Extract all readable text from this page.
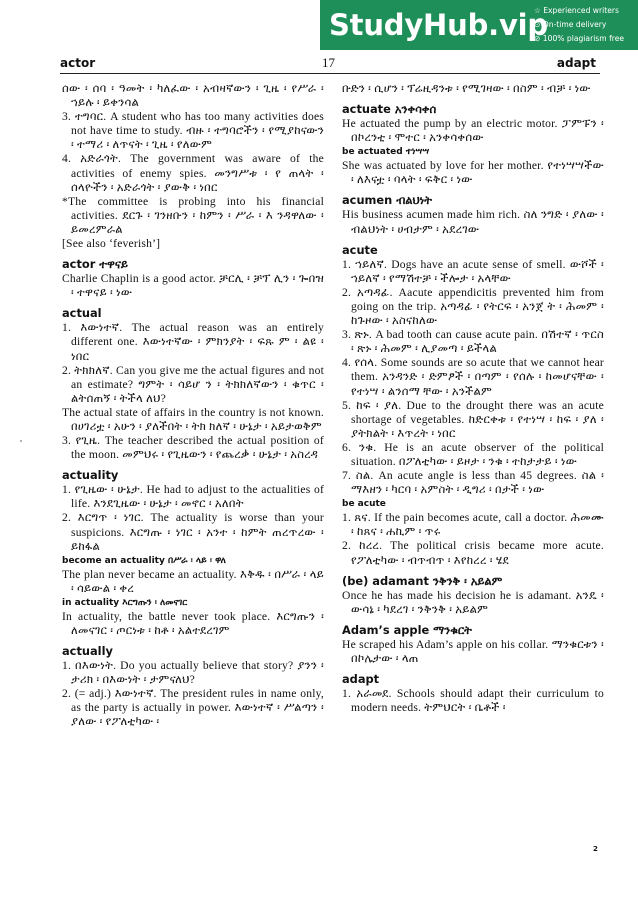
StudyHub.vip
☆ Experienced writers
⊙ On-time delivery
⊘ 100% plagiarism free
actor	17	adapt

ሰው ፡ ሰባ ፡ ዓመት ፡ ካለፈው ፡ አብዛኛውን ፡ ጊዜ ፡ የሥራ ፡ ኀይሉ ፡ ይቀንሳል

3. ተግባር. A student who has too many activities does not have time to study. ብዙ ፡ ተግባሮችን ፡ የሚያከናውን ፡ ተማሪ ፡ ለጥናት ፡ ጊዜ ፡ የለውም

4. አድራጎት. The government was aware of the activities of enemy spies. መንግሥቱ ፡ የ ጠላት ፡ ሰላዮችን ፡ አድራጎት ፡ ያውቅ ፡ ነበር

*The committee is probing into his financial activities. ደርጉ ፡ ገንዘቡን ፡ ከምን ፡ ሥራ ፡ እ ንዳዋለው ፡ ይመረምራል

[See also ‘feverish’]

actor ተዋናይ

Charlie Chaplin is a good actor. ቻርሊ ፡ ቻፕ ሊን ፡ ጐበዝ ፡ ተዋናይ ፡ ነው

actual

1. እውነተኛ. The actual reason was an entirely different one. እውነተኛው ፡ ምክንያት ፡ ፍጹ ም ፡ ልዩ ፡ ነበር

2. ትክክለኛ. Can you give me the actual figures and not an estimate? ግምት ፡ ሳይሆ ን ፡ ትክክለኛውን ፡ ቁጥር ፡ ልትሰጠኝ ፡ ትችላ ለህ?

The actual state of affairs in the country is not known. በሀገሪቷ ፡ አሁን ፡ ያለችበት ፡ ትክ ክለኛ ፡ ሁኔታ ፡ አይታወቅም

3. የጊዜ. The teacher described the actual position of the moon. መምህሩ ፡ የጊዜውን ፡ የጨረቃ ፡ ሁኔታ ፡ አስረዳ

actuality

1. የጊዜው ፡ ሁኔታ. He had to adjust to the actualities of life. እንደጊዜው ፡ ሁኔታ ፡ መኖር ፡ አለበት

2. እርግጥ ፡ ነገር. The actuality is worse than your suspicions. እርግጡ ፡ ነገር ፡ አንተ ፡ ከምት ጠረጥረው ፡ ይከፋል

become an actuality በሥራ ፡ ላይ ፡ ዋለ

The plan never became an actuality. እቅዱ ፡ በሥራ ፡ ላይ ፡ ሳይውል ፡ ቀረ

in actuality እርግጡን ፡ ለመናገር

In actuality, the battle never took place. እርግጡን ፡ ለመናገር ፡ ጦርነቱ ፡ ከቶ ፡ አልተደረገም

actually

1. በእውነት. Do you actually believe that story? ያንን ፡ ታሪክ ፡ በእውነት ፡ ታምናለህ?

2. (= adj.) እውነተኛ. The president rules in name only, as the party is actually in power. እውነተኛ ፡ ሥልጣን ፡ ያለው ፡ የፖለቲካው ፡

ቡድን ፡ ሲሆን ፡ ፕሬዚዳንቱ ፡ የሚገዛው ፡ በስም ፡ ብቻ ፡ ነው

actuate አንቀሳቀሰ

He actuated the pump by an electric motor. ፓምፑን ፡ በኮረንቲ ፡ ሞተር ፡ አንቀሳቀሰው

be actuated ተነሣሣ

She was actuated by love for her mother. የተነሣሣችው ፡ ለእናቷ ፡ ባላት ፡ ፍቅር ፡ ነው

acumen ብልህነት

His business acumen made him rich. ስለ ንግድ ፡ ያለው ፡ ብልህነት ፡ ሀብታም ፡ አደረገው

acute

1. ኀይለኛ. Dogs have an acute sense of smell. ውሾች ፡ ኀይለኛ ፡ የማሽተቻ ፡ ችሎታ ፡ አላቸው

2. አጣዳፊ. Aacute appendicitis prevented him from going on the trip. አጣዳፊ ፡ የትርፍ ፡ አንጀ ት ፡ ሕመም ፡ ከጉዞው ፡ አስናከለው

3. ጽኑ. A bad tooth can cause acute pain. በሽተኛ ፡ ጥርስ ፡ ጽኑ ፡ ሕመም ፡ ሊያመጣ ፡ ይችላል

4. የሰላ. Some sounds are so acute that we cannot hear them. አንዳንድ ፡ ድምፆች ፡ በጣም ፡ የሰሉ ፡ ከመሆናቸው ፡ የተነሣ ፡ ልንሰማ ቸው ፡ አንችልም

5. ከፍ ፡ ያለ. Due to the drought there was an acute shortage of vegetables. ከድርቀቱ ፡ የተነሣ ፡ ከፍ ፡ ያለ ፡ ያትክልት ፡ እጥረት ፡ ነበር

6. ንቁ. He is an acute observer of the political situation. በፖለቲካው ፡ ይዞታ ፡ ንቁ ፡ ተከታታይ ፡ ነው

7. ስል. An acute angle is less than 45 degrees. ስል ፡ ማእዘን ፡ ካርባ ፡ አምስት ፡ ዲግሪ ፡ በታች ፡ ነው

be acute

1. ጸና. If the pain becomes acute, call a doctor. ሕመሙ ፡ ከጸና ፡ ሐኪም ፡ ጥሩ

2. ከረረ. The political crisis became more acute. የፖለቲካው ፡ ብጥብጥ ፡ እየከረረ ፡ ሄደ

(be) adamant ንቅንቅ ፡ አይልም

Once he has made his decision he is adamant. አንዴ ፡ ውሳኔ ፡ ካደረገ ፡ ንቅንቅ ፡ አይልም

Adam’s apple ማንቁርት

He scraped his Adam’s apple on his collar. ማንቁርቱን ፡ በኮሌታው ፡ ላጠ

adapt

1. አራመደ. Schools should adapt their curriculum to modern needs. ትምህርት ፡ ቤቶች ፡

2
